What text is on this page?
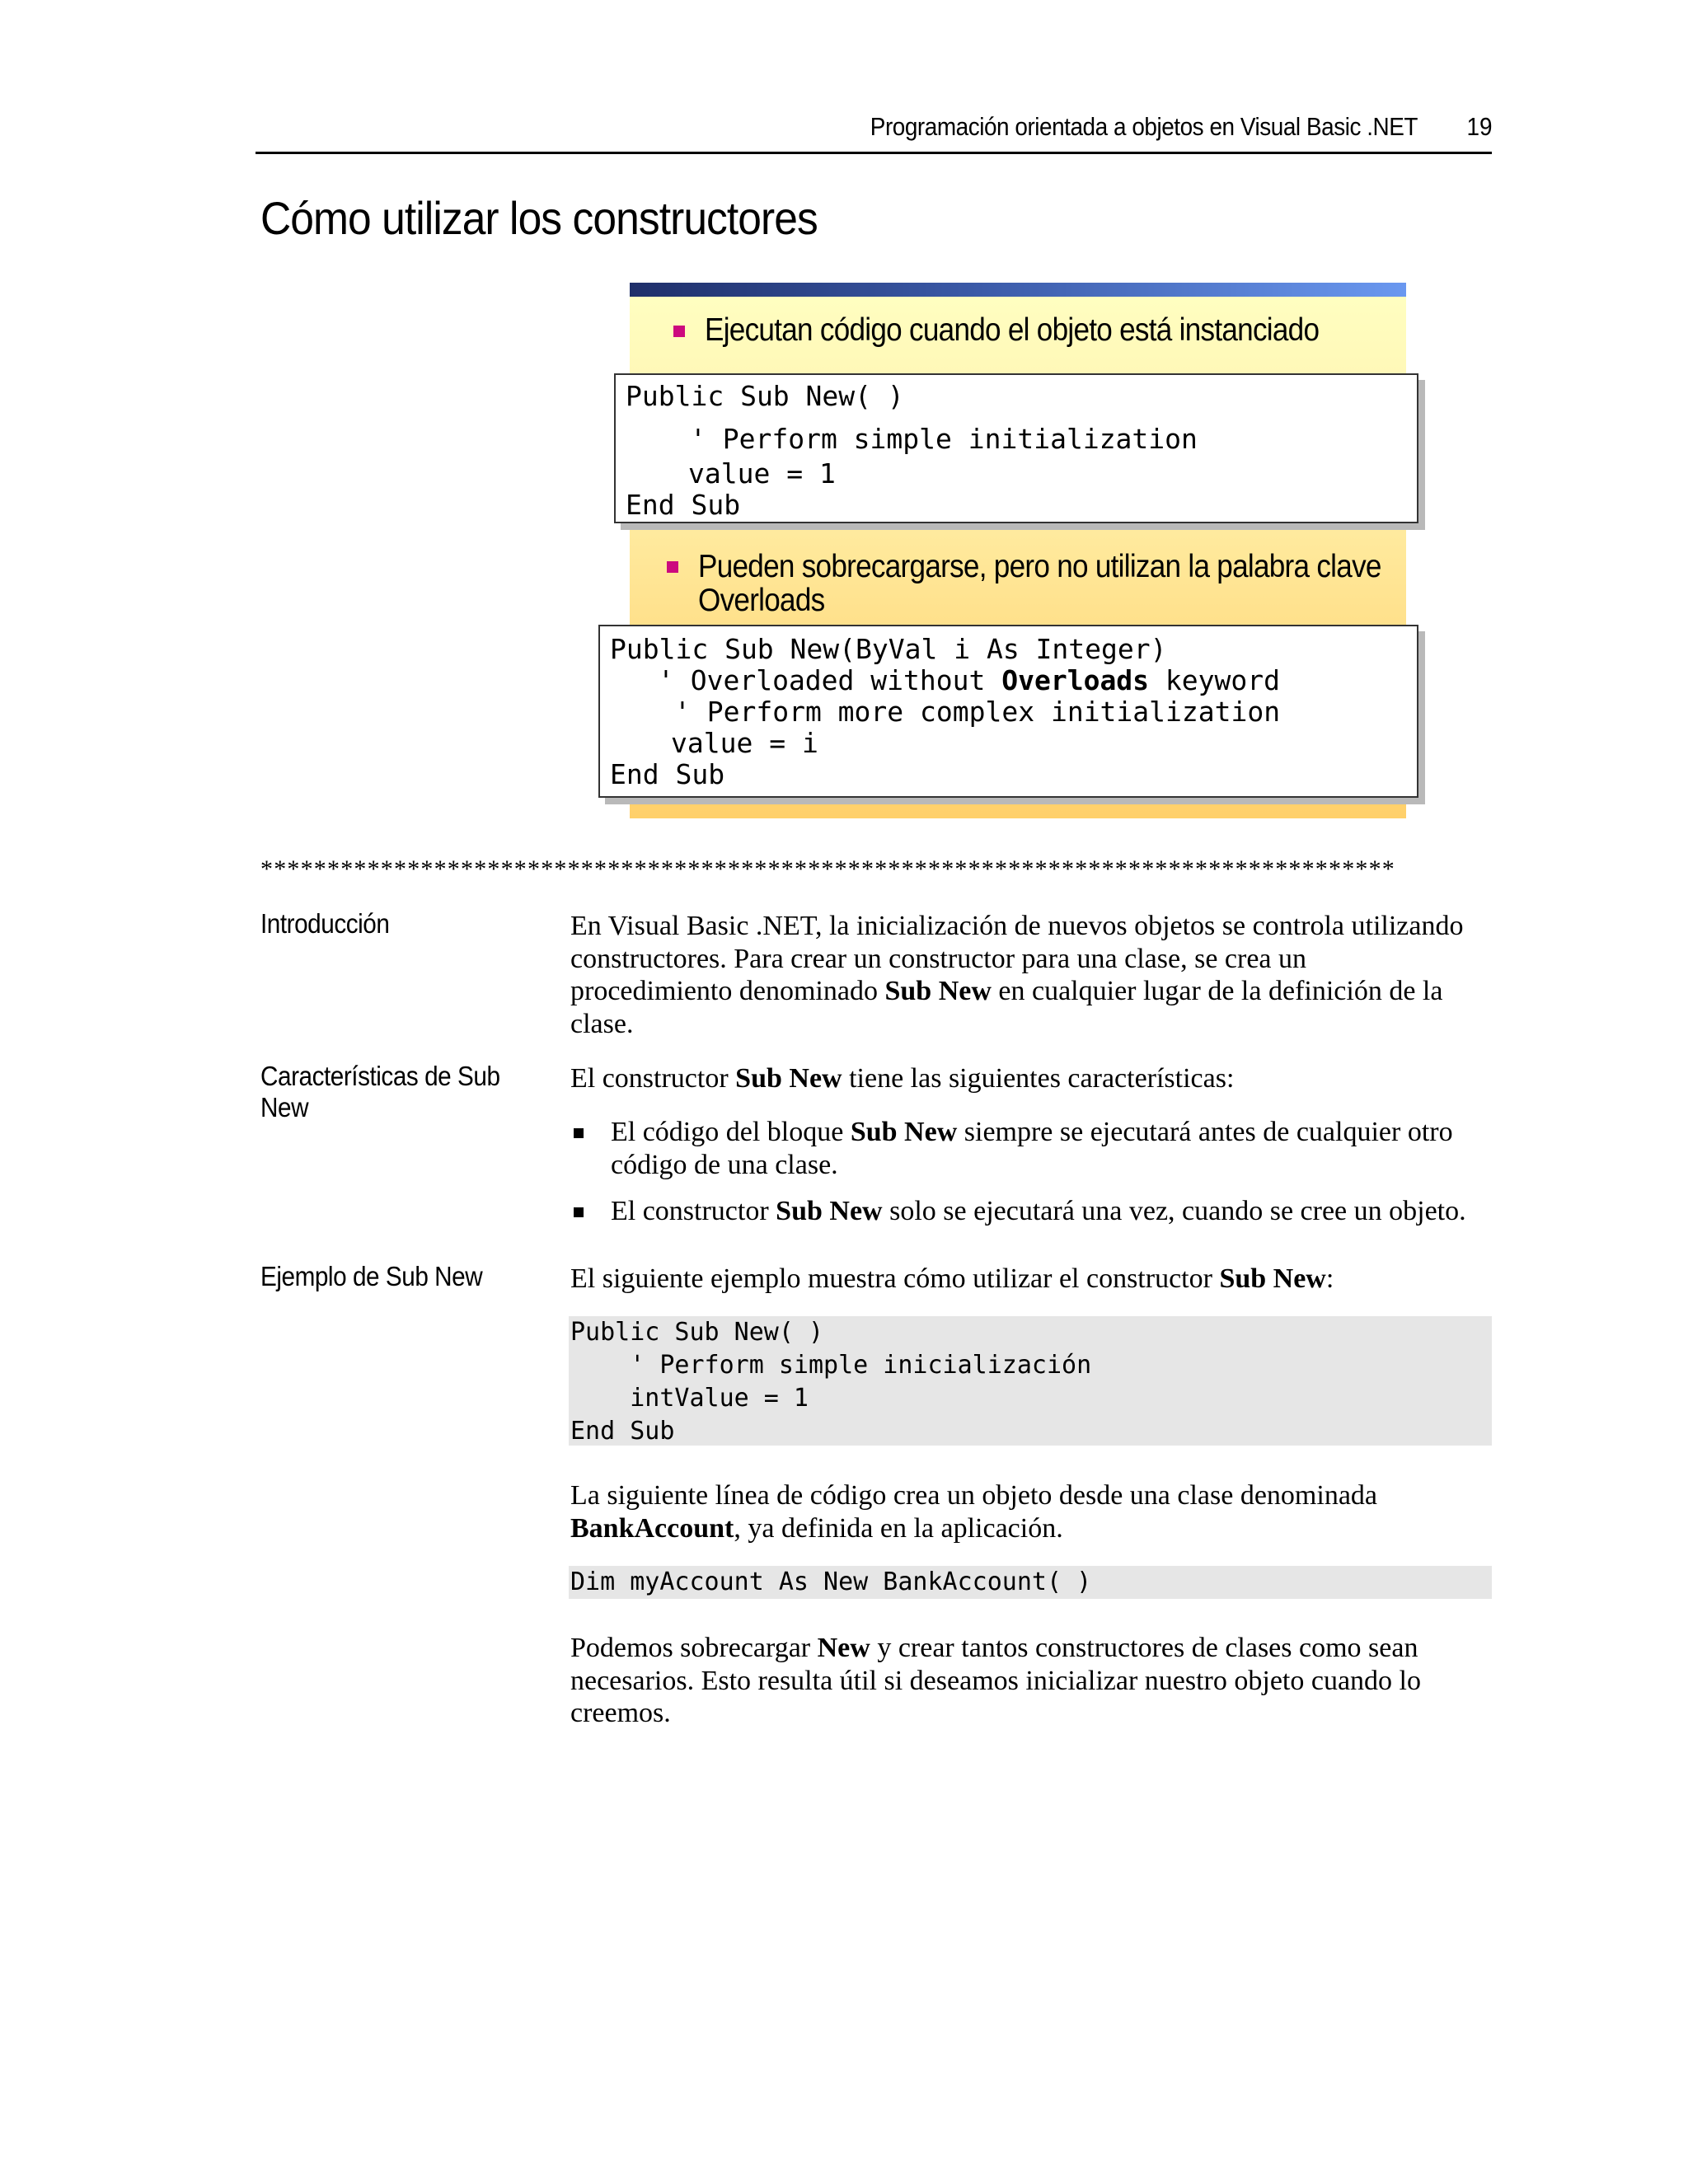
Programación orientada a objetos en Visual Basic .NET 19
Cómo utilizar los constructores
Ejecutan código cuando el objeto está instanciado
Public Sub New( )
' Perform simple initialization
value = 1
End Sub
Pueden sobrecargarse, pero no utilizan la palabra clave
Overloads
Public Sub New(ByVal i As Integer)
' Overloaded without Overloads keyword
' Perform more complex initialization
value = i
End Sub
*************************************************************************************
Introducción	En Visual Basic .NET, la inicialización de nuevos objetos se controla utilizando
constructores. Para crear un constructor para una clase, se crea un
procedimiento denominado Sub New en cualquier lugar de la definición de la
clase.
Características de Sub
New
El constructor Sub New tiene las siguientes características:
El código del bloque Sub New siempre se ejecutará antes de cualquier otro
código de una clase.
El constructor Sub New solo se ejecutará una vez, cuando se cree un objeto.
Ejemplo de Sub New	El siguiente ejemplo muestra cómo utilizar el constructor Sub New:
Public Sub New( )
' Perform simple inicialización
intValue = 1
End Sub
La siguiente línea de código crea un objeto desde una clase denominada
BankAccount, ya definida en la aplicación.
Dim myAccount As New BankAccount( )
Podemos sobrecargar New y crear tantos constructores de clases como sean
necesarios. Esto resulta útil si deseamos inicializar nuestro objeto cuando lo
creemos.
